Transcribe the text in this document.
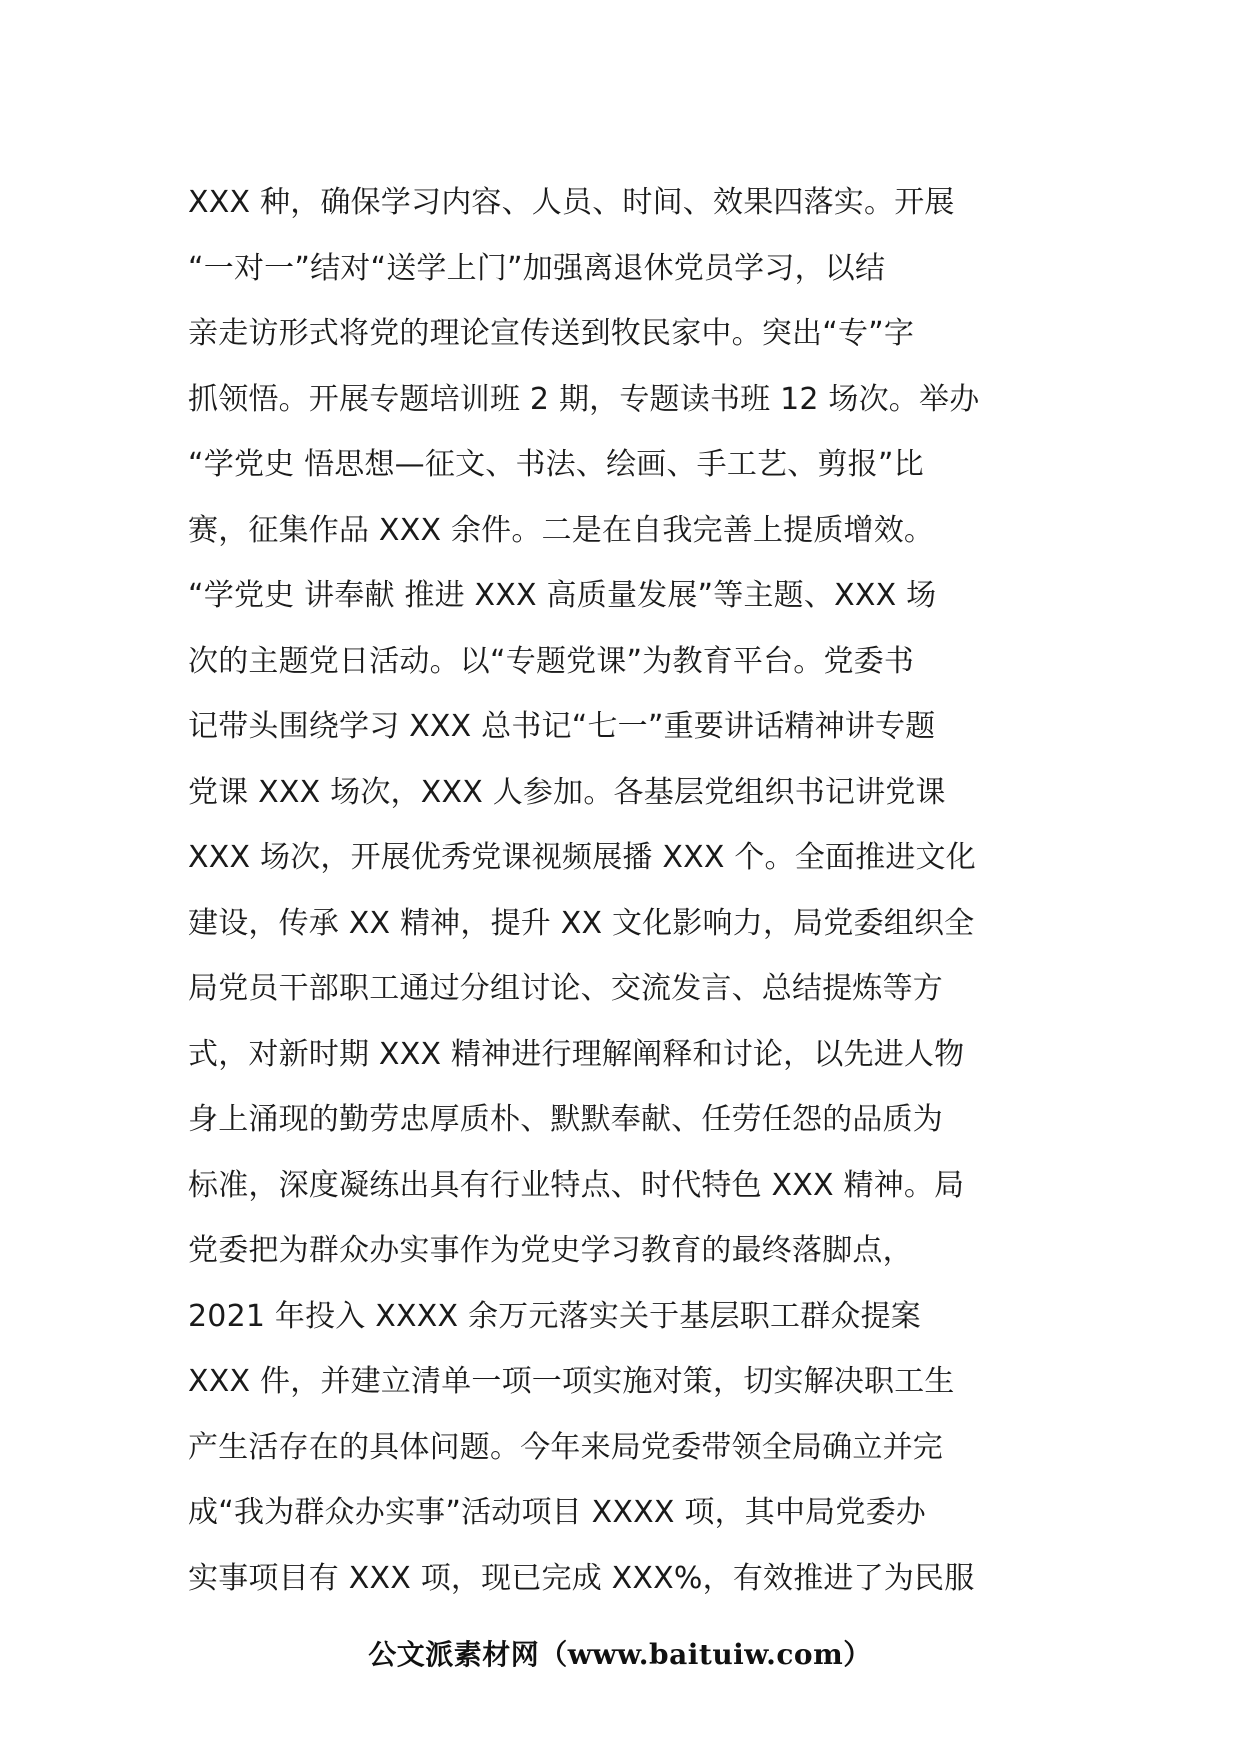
XXX 种，确保学习内容、人员、时间、效果四落实。开展
“一对一”结对“送学上门”加强离退休党员学习，以结
亲走访形式将党的理论宣传送到牧民家中。突出“专”字
抓领悟。开展专题培训班 2 期，专题读书班 12 场次。举办
“学党史 悟思想—征文、书法、绘画、手工艺、剪报”比
赛，征集作品 XXX 余件。二是在自我完善上提质增效。
“学党史 讲奉献 推进 XXX 高质量发展”等主题、XXX 场
次的主题党日活动。以“专题党课”为教育平台。党委书
记带头围绕学习 XXX 总书记“七一”重要讲话精神讲专题
党课 XXX 场次，XXX 人参加。各基层党组织书记讲党课
XXX 场次，开展优秀党课视频展播 XXX 个。全面推进文化
建设，传承 XX 精神，提升 XX 文化影响力，局党委组织全
局党员干部职工通过分组讨论、交流发言、总结提炼等方
式，对新时期 XXX 精神进行理解阐释和讨论，以先进人物
身上涌现的勤劳忠厚质朴、默默奉献、任劳任怨的品质为
标准，深度凝练出具有行业特点、时代特色 XXX 精神。局
党委把为群众办实事作为党史学习教育的最终落脚点，
2021 年投入 XXXX 余万元落实关于基层职工群众提案
XXX 件，并建立清单一项一项实施对策，切实解决职工生
产生活存在的具体问题。今年来局党委带领全局确立并完
成“我为群众办实事”活动项目 XXXX 项，其中局党委办
实事项目有 XXX 项，现已完成 XXX%，有效推进了为民服
公文派素材网（www.baituiw.com）
